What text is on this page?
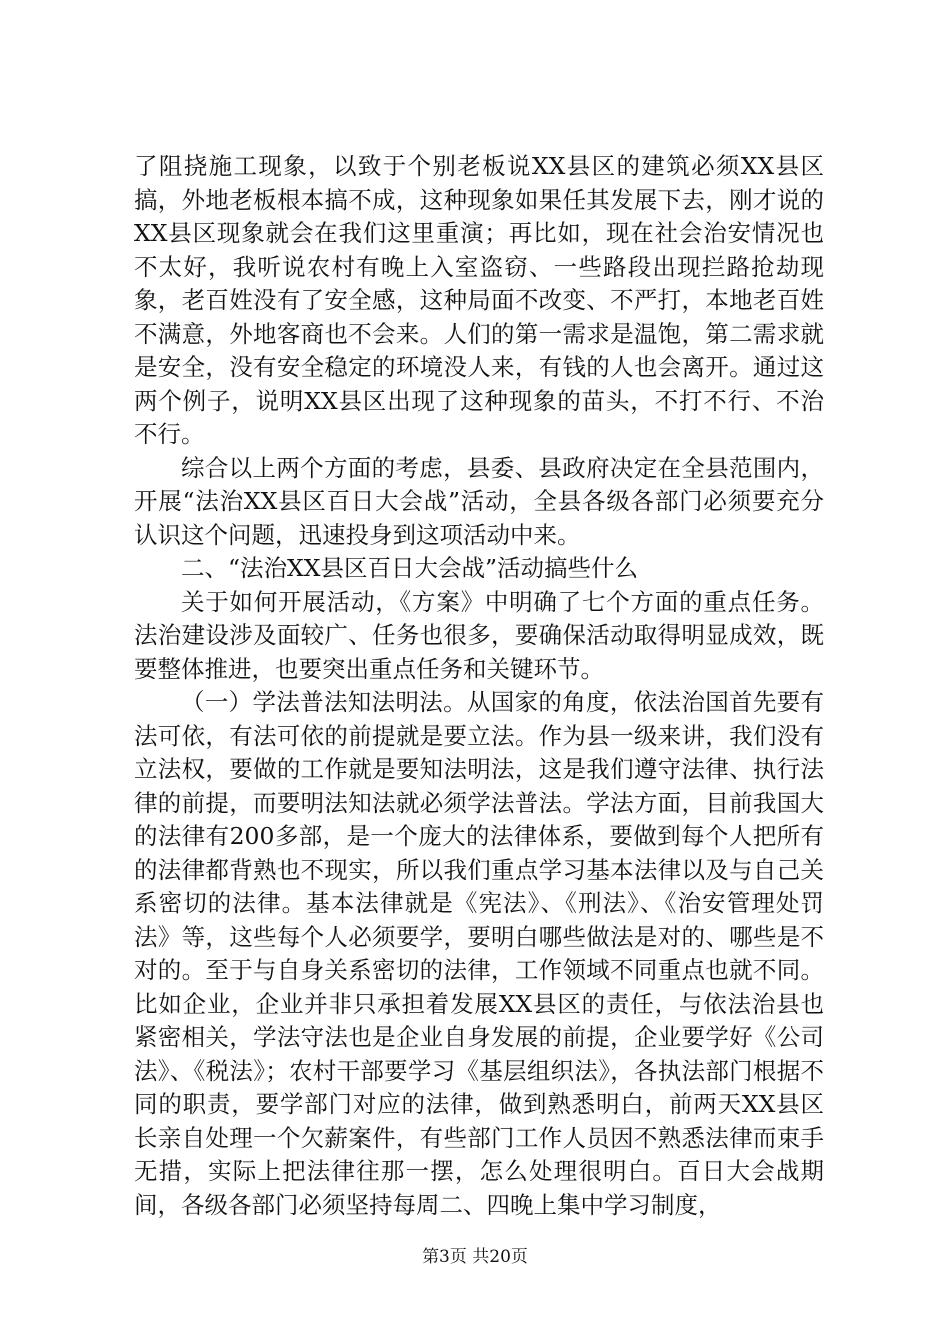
了阻挠施工现象，以致于个别老板说XX县区的建筑必须XX县区搞，外地老板根本搞不成，这种现象如果任其发展下去，刚才说的XX县区现象就会在我们这里重演；再比如，现在社会治安情况也不太好，我听说农村有晚上入室盗窃、一些路段出现拦路抢劫现象，老百姓没有了安全感，这种局面不改变、不严打，本地老百姓不满意，外地客商也不会来。人们的第一需求是温饱，第二需求就是安全，没有安全稳定的环境没人来，有钱的人也会离开。通过这两个例子，说明XX县区出现了这种现象的苗头，不打不行、不治不行。

综合以上两个方面的考虑，县委、县政府决定在全县范围内，开展“法治XX县区百日大会战”活动，全县各级各部门必须要充分认识这个问题，迅速投身到这项活动中来。

二、“法治XX县区百日大会战”活动搞些什么

关于如何开展活动，《方案》中明确了七个方面的重点任务。法治建设涉及面较广、任务也很多，要确保活动取得明显成效，既要整体推进，也要突出重点任务和关键环节。

（一）学法普法知法明法。从国家的角度，依法治国首先要有法可依，有法可依的前提就是要立法。作为县一级来讲，我们没有立法权，要做的工作就是要知法明法，这是我们遵守法律、执行法律的前提，而要明法知法就必须学法普法。学法方面，目前我国大的法律有200多部，是一个庞大的法律体系，要做到每个人把所有的法律都背熟也不现实，所以我们重点学习基本法律以及与自己关系密切的法律。基本法律就是《宪法》、《刑法》、《治安管理处罚法》等，这些每个人必须要学，要明白哪些做法是对的、哪些是不对的。至于与自身关系密切的法律，工作领域不同重点也就不同。比如企业，企业并非只承担着发展XX县区的责任，与依法治县也紧密相关，学法守法也是企业自身发展的前提，企业要学好《公司法》、《税法》；农村干部要学习《基层组织法》，各执法部门根据不同的职责，要学部门对应的法律，做到熟悉明白，前两天XX县区长亲自处理一个欠薪案件，有些部门工作人员因不熟悉法律而束手无措，实际上把法律往那一摆，怎么处理很明白。百日大会战期间，各级各部门必须坚持每周二、四晚上集中学习制度，

第3页 共20页
